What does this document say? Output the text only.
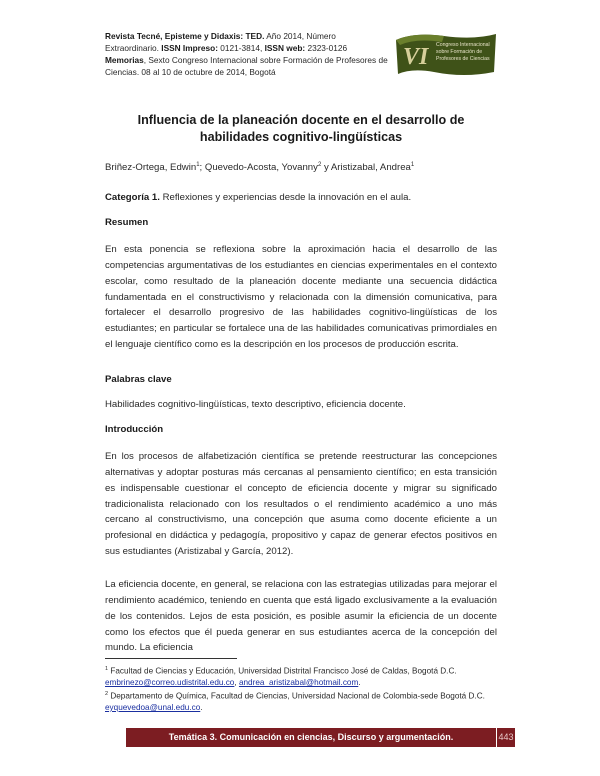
Revista Tecné, Episteme y Didaxis: TED. Año 2014, Número
Extraordinario. ISSN Impreso: 0121-3814, ISSN web: 2323-0126
Memorias, Sexto Congreso Internacional sobre Formación de Profesores de Ciencias. 08 al 10 de octubre de 2014, Bogotá
VI	Congreso Internacional
sobre Formación de
Profesores de Ciencias
Influencia de la planeación docente en el desarrollo de
habilidades cognitivo-lingüísticas
Briñez-Ortega, Edwin$^1$; Quevedo-Acosta, Yovanny$^2$ y Aristizabal, Andrea$^1$
Categoría 1. Reflexiones y experiencias desde la innovación en el aula.
Resumen
En esta ponencia se reflexiona sobre la aproximación hacia el desarrollo de las competencias argumentativas de los estudiantes en ciencias experimentales en el contexto escolar, como resultado de la planeación docente mediante una secuencia didáctica fundamentada en el constructivismo y relacionada con la dimensión comunicativa, para fortalecer el desarrollo progresivo de las habilidades cognitivo-lingüísticas de los estudiantes; en particular se fortalece una de las habilidades comunicativas primordiales en el lenguaje científico como es la descripción en los procesos de producción escrita.
Palabras clave
Habilidades cognitivo-lingüísticas, texto descriptivo, eficiencia docente.
Introducción
En los procesos de alfabetización científica se pretende reestructurar las concepciones alternativas y adoptar posturas más cercanas al pensamiento científico; en esta transición es indispensable cuestionar el concepto de eficiencia docente y migrar su significado tradicionalista relacionado con los resultados o el rendimiento académico a uno más cercano al constructivismo, una concepción que asuma como docente eficiente a un profesional en didáctica y pedagogía, propositivo y capaz de generar efectos positivos en sus estudiantes (Aristizabal y García, 2012).
La eficiencia docente, en general, se relaciona con las estrategias utilizadas para mejorar el rendimiento académico, teniendo en cuenta que está ligado exclusivamente a la evaluación de los contenidos. Lejos de esta posición, es posible asumir la eficiencia de un docente como los efectos que él pueda generar en sus estudiantes acerca de la concepción del mundo. La eficiencia
$^1$ Facultad de Ciencias y Educación, Universidad Distrital Francisco José de Caldas, Bogotá D.C. embrinezo@correo.udistrital.edu.co, andrea_aristizabal@hotmail.com.
$^2$ Departamento de Química, Facultad de Ciencias, Universidad Nacional de Colombia-sede Bogotá D.C. eyquevedoa@unal.edu.co.
Temática 3. Comunicación en ciencias, Discurso y argumentación.	443
